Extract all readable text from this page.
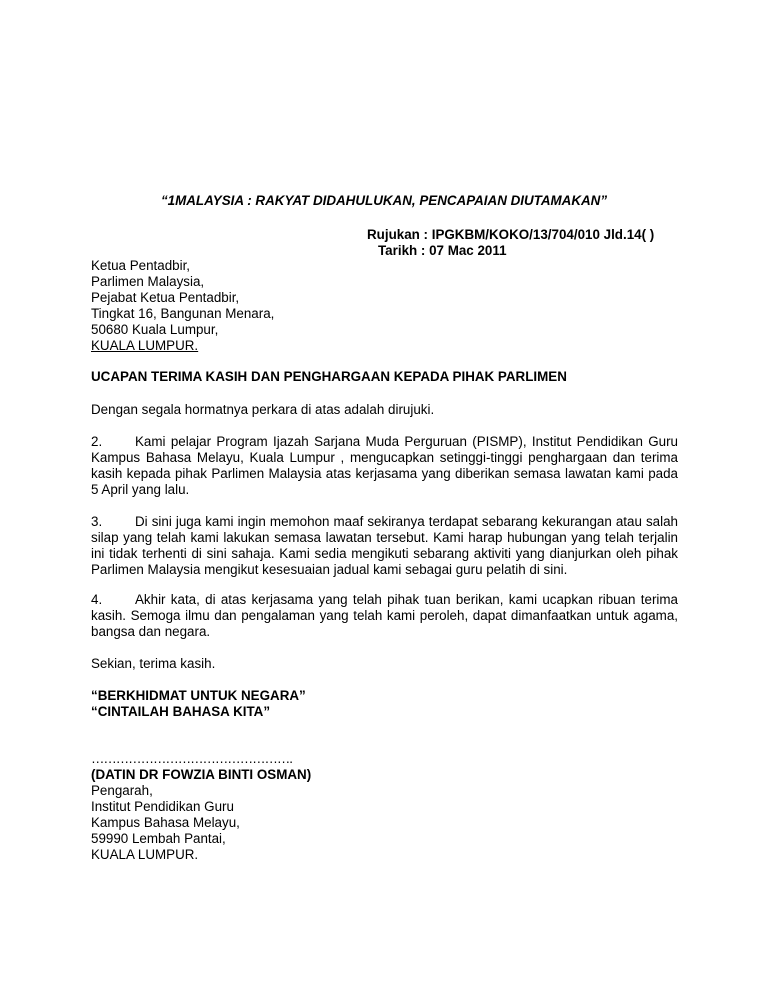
“1MALAYSIA : RAKYAT DIDAHULUKAN, PENCAPAIAN DIUTAMAKAN”
Rujukan : IPGKBM/KOKO/13/704/010 Jld.14( )
Tarikh : 07 Mac 2011
Ketua Pentadbir,
Parlimen Malaysia,
Pejabat Ketua Pentadbir,
Tingkat 16, Bangunan Menara,
50680 Kuala Lumpur,
KUALA LUMPUR.
UCAPAN TERIMA KASIH DAN PENGHARGAAN KEPADA PIHAK PARLIMEN
Dengan segala hormatnya perkara di atas adalah dirujuki.
2. Kami pelajar Program Ijazah Sarjana Muda Perguruan (PISMP), Institut Pendidikan Guru Kampus Bahasa Melayu, Kuala Lumpur , mengucapkan setinggi-tinggi penghargaan dan terima kasih kepada pihak Parlimen Malaysia atas kerjasama yang diberikan semasa lawatan kami pada 5 April yang lalu.
3. Di sini juga kami ingin memohon maaf sekiranya terdapat sebarang kekurangan atau salah silap yang telah kami lakukan semasa lawatan tersebut. Kami harap hubungan yang telah terjalin ini tidak terhenti di sini sahaja. Kami sedia mengikuti sebarang aktiviti yang dianjurkan oleh pihak Parlimen Malaysia mengikut kesesuaian jadual kami sebagai guru pelatih di sini.
4. Akhir kata, di atas kerjasama yang telah pihak tuan berikan, kami ucapkan ribuan terima kasih. Semoga ilmu dan pengalaman yang telah kami peroleh, dapat dimanfaatkan untuk agama, bangsa dan negara.
Sekian, terima kasih.
“BERKHIDMAT UNTUK NEGARA”
“CINTAILAH BAHASA KITA”
………………………………………….
(DATIN DR FOWZIA BINTI OSMAN)
Pengarah,
Institut Pendidikan Guru
Kampus Bahasa Melayu,
59990 Lembah Pantai,
KUALA LUMPUR.
